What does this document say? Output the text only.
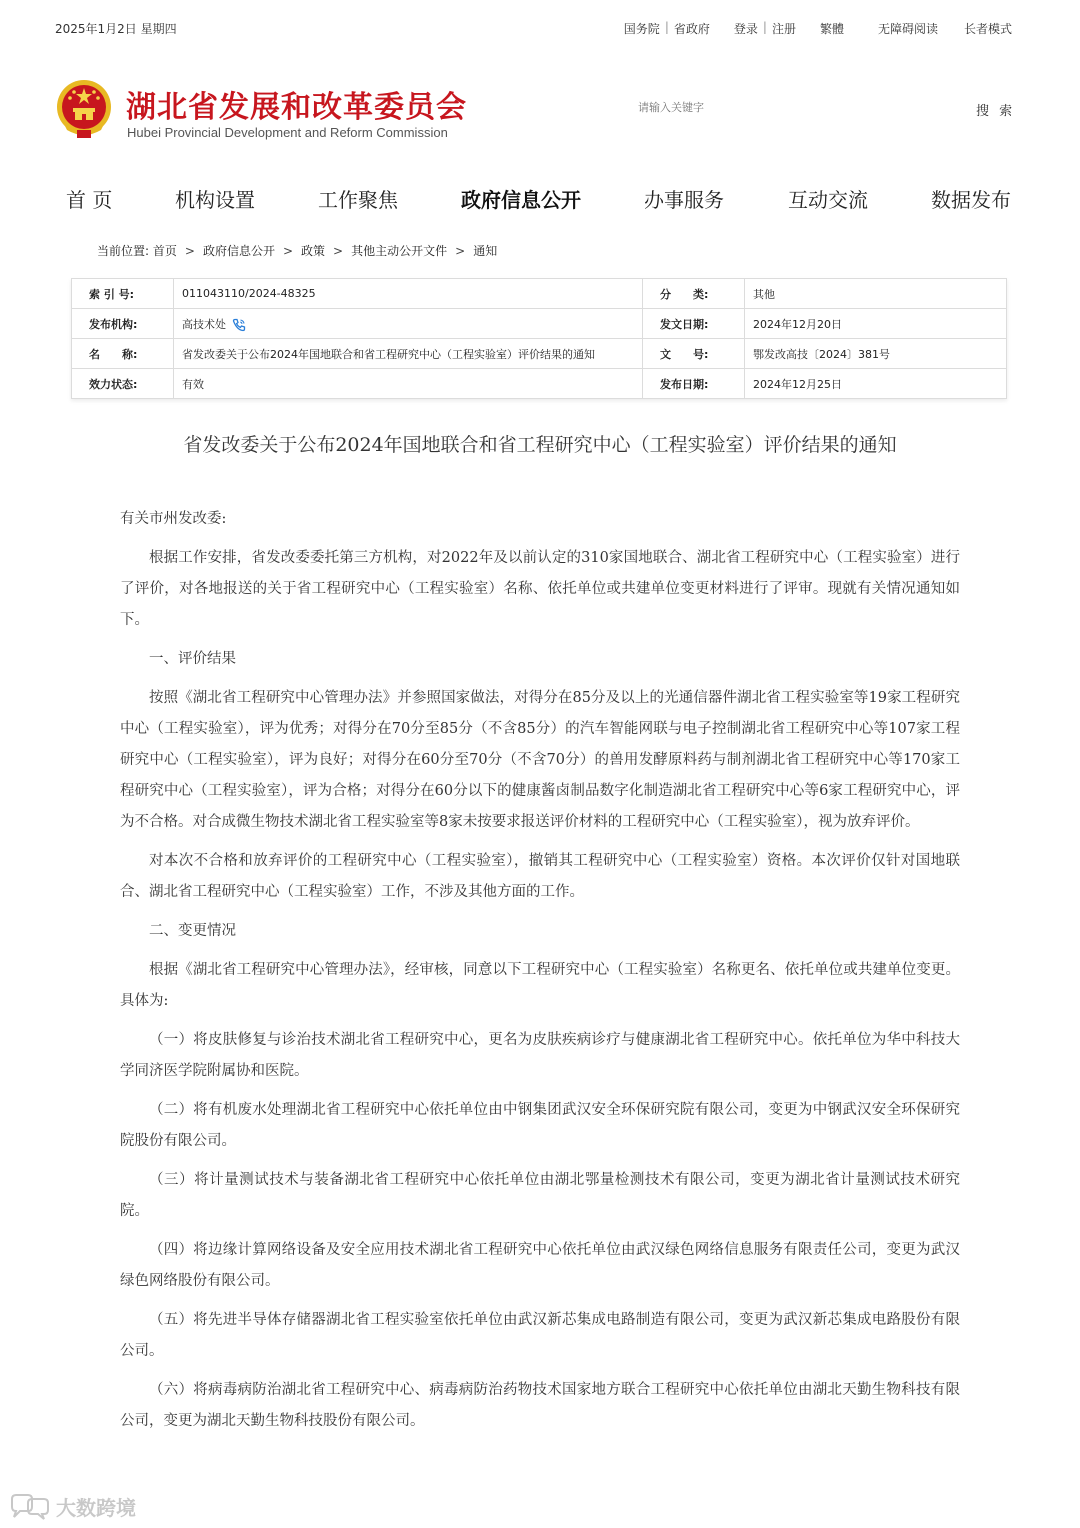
2025年1月2日 星期四	国务院 | 省政府 登录 | 注册 繁體	无障碍阅读 长者模式
湖北省发展和改革委员会
Hubei Provincial Development and Reform Commission
请输入关键字
搜 索
首 页	机构设置	工作聚焦	政府信息公开	办事服务	互动交流	数据发布
当前位置: 首页 > 政府信息公开 > 政策 > 其他主动公开文件 > 通知
索 引 号:	011043110/2024-48325	分　　类:	其他
发布机构:	高技术处	发文日期:	2024年12月20日
名　　称:	省发改委关于公布2024年国地联合和省工程研究中心（工程实验室）评价结果的通知	文　　号:	鄂发改高技〔2024〕381号
效力状态:	有效	发布日期:	2024年12月25日
省发改委关于公布2024年国地联合和省工程研究中心（工程实验室）评价结果的通知

有关市州发改委:

根据工作安排，省发改委委托第三方机构，对2022年及以前认定的310家国地联合、湖北省工程研究中心（工程实验室）进行了评价，对各地报送的关于省工程研究中心（工程实验室）名称、依托单位或共建单位变更材料进行了评审。现就有关情况通知如下。

一、评价结果

按照《湖北省工程研究中心管理办法》并参照国家做法，对得分在85分及以上的光通信器件湖北省工程实验室等19家工程研究中心（工程实验室），评为优秀；对得分在70分至85分（不含85分）的汽车智能网联与电子控制湖北省工程研究中心等107家工程研究中心（工程实验室），评为良好；对得分在60分至70分（不含70分）的兽用发酵原料药与制剂湖北省工程研究中心等170家工程研究中心（工程实验室），评为合格；对得分在60分以下的健康酱卤制品数字化制造湖北省工程研究中心等6家工程研究中心，评为不合格。对合成微生物技术湖北省工程实验室等8家未按要求报送评价材料的工程研究中心（工程实验室），视为放弃评价。

对本次不合格和放弃评价的工程研究中心（工程实验室），撤销其工程研究中心（工程实验室）资格。本次评价仅针对国地联合、湖北省工程研究中心（工程实验室）工作，不涉及其他方面的工作。

二、变更情况

根据《湖北省工程研究中心管理办法》，经审核，同意以下工程研究中心（工程实验室）名称更名、依托单位或共建单位变更。具体为:

（一）将皮肤修复与诊治技术湖北省工程研究中心，更名为皮肤疾病诊疗与健康湖北省工程研究中心。依托单位为华中科技大学同济医学院附属协和医院。

（二）将有机废水处理湖北省工程研究中心依托单位由中钢集团武汉安全环保研究院有限公司，变更为中钢武汉安全环保研究院股份有限公司。

（三）将计量测试技术与装备湖北省工程研究中心依托单位由湖北鄂量检测技术有限公司，变更为湖北省计量测试技术研究院。

（四）将边缘计算网络设备及安全应用技术湖北省工程研究中心依托单位由武汉绿色网络信息服务有限责任公司，变更为武汉绿色网络股份有限公司。

（五）将先进半导体存储器湖北省工程实验室依托单位由武汉新芯集成电路制造有限公司，变更为武汉新芯集成电路股份有限公司。

（六）将病毒病防治湖北省工程研究中心、病毒病防治药物技术国家地方联合工程研究中心依托单位由湖北天勤生物科技有限公司，变更为湖北天勤生物科技股份有限公司。

大数跨境
